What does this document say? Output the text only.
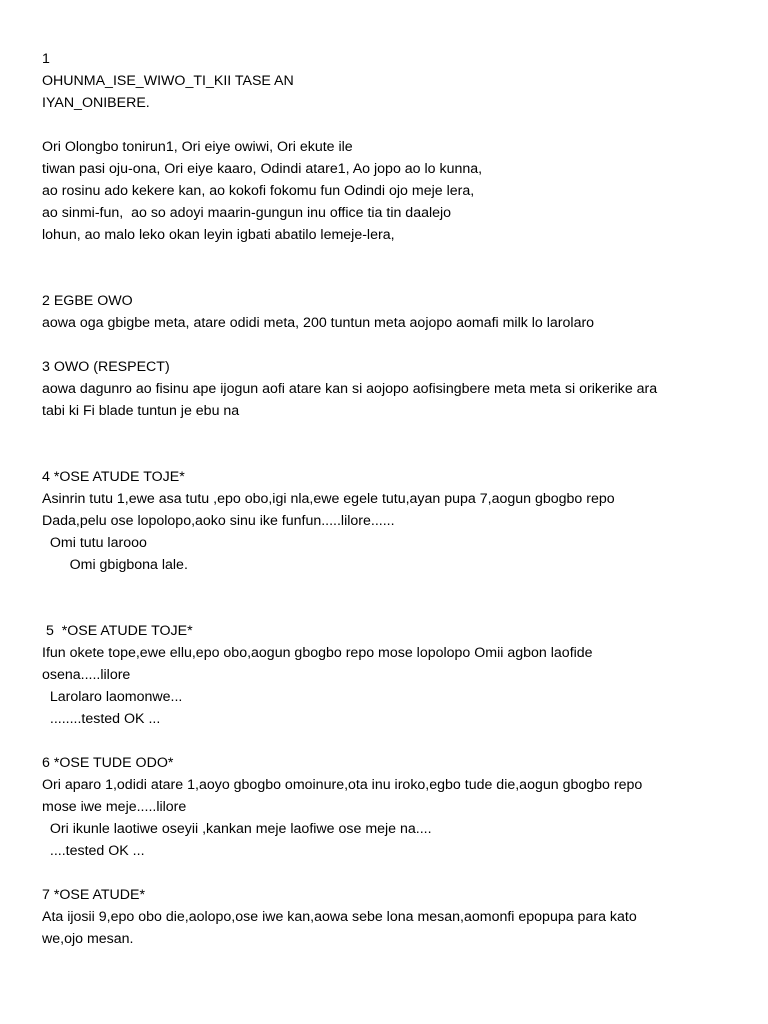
1
OHUNMA_ISE_WIWO_TI_KII TASE AN
IYAN_ONIBERE.
Ori Olongbo tonirun1, Ori eiye owiwi, Ori ekute ile
tiwan pasi oju-ona, Ori eiye kaaro, Odindi atare1, Ao jopo ao lo kunna,
ao rosinu ado kekere kan, ao kokofi fokomu fun Odindi ojo meje lera,
ao sinmi-fun,  ao so adoyi maarin-gungun inu office tia tin daalejo
lohun, ao malo leko okan leyin igbati abatilo lemeje-lera,
2 EGBE OWO
aowa oga gbigbe meta, atare odidi meta, 200 tuntun meta aojopo aomafi milk lo larolaro
3 OWO (RESPECT)
aowa dagunro ao fisinu ape ijogun aofi atare kan si aojopo aofisingbere meta meta si orikerike ara
tabi ki Fi blade tuntun je ebu na
4 *OSE ATUDE TOJE*
Asinrin tutu 1,ewe asa tutu ,epo obo,igi nla,ewe egele tutu,ayan pupa 7,aogun gbogbo repo
Dada,pelu ose lopolopo,aoko sinu ike funfun.....lilore......
Omi tutu larooo
Omi gbigbona lale.
5  *OSE ATUDE TOJE*
Ifun okete tope,ewe ellu,epo obo,aogun gbogbo repo mose lopolopo Omii agbon laofide
osena.....lilore
Larolaro laomonwe...
........tested OK ...
6 *OSE TUDE ODO*
Ori aparo 1,odidi atare 1,aoyo gbogbo omoinure,ota inu iroko,egbo tude die,aogun gbogbo repo
mose iwe meje.....lilore
Ori ikunle laotiwe oseyii ,kankan meje laofiwe ose meje na....
....tested OK ...
7 *OSE ATUDE*
Ata ijosii 9,epo obo die,aolopo,ose iwe kan,aowa sebe lona mesan,aomonfi epopupa para kato
we,ojo mesan.
